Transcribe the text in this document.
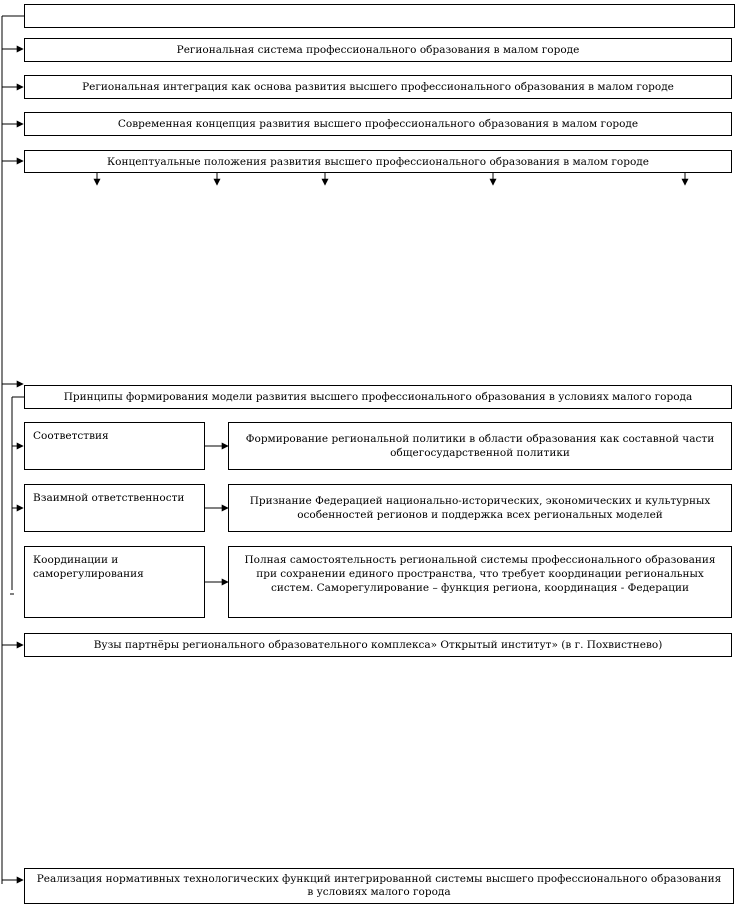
Региональная система профессионального образования в малом городе
Региональная интеграция как основа развития высшего профессионального образования в малом городе
Современная концепция развития высшего профессионального образования в малом городе
Концептуальные положения развития высшего профессионального образования в малом городе
Принципы формирования модели развития высшего профессионального образования в условиях малого города
Соответствия	Формирование региональной политики в области образования как составной части общегосударственной политики
Взаимной ответственности	Признание Федерацией национально-исторических, экономических и культурных особенностей регионов и поддержка всех региональных моделей
Координации и саморегулирования
Полная самостоятельность региональной системы профессионального образования при сохранении единого пространства, что требует координации региональных систем. Саморегулирование – функция региона, координация - Федерации
Вузы партнёры регионального образовательного комплекса» Открытый институт» (в г. Похвистнево)
Реализация нормативных технологических функций интегрированной системы высшего профессионального образования в условиях малого города
